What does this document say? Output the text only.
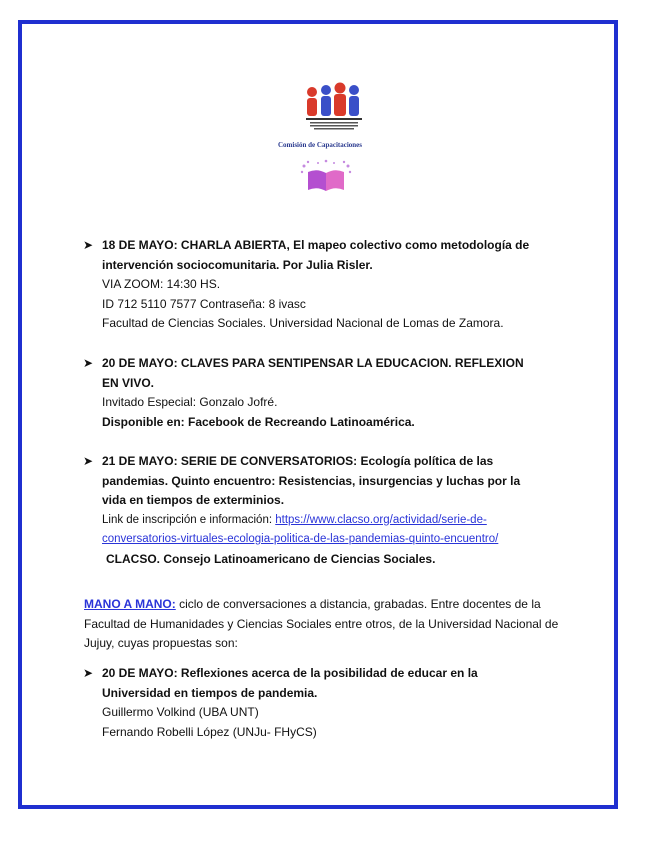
Comisión de Capacitaciones
➤ 18 DE MAYO: CHARLA ABIERTA, El mapeo colectivo como metodología de intervención sociocomunitaria. Por Julia Risler.
VIA ZOOM: 14:30 HS.
ID 712 5110 7577 Contraseña: 8 ivasc
Facultad de Ciencias Sociales. Universidad Nacional de Lomas de Zamora.
➤ 20 DE MAYO: CLAVES PARA SENTIPENSAR LA EDUCACION. REFLEXION EN VIVO.
Invitado Especial: Gonzalo Jofré.
Disponible en: Facebook de Recreando Latinoamérica.
➤ 21 DE MAYO: SERIE DE CONVERSATORIOS: Ecología política de las pandemias. Quinto encuentro: Resistencias, insurgencias y luchas por la vida en tiempos de exterminios.
Link de inscripción e información: https://www.clacso.org/actividad/serie-de-
conversatorios-virtuales-ecologia-politica-de-las-pandemias-quinto-encuentro/
CLACSO. Consejo Latinoamericano de Ciencias Sociales.
MANO A MANO: ciclo de conversaciones a distancia, grabadas. Entre docentes de la Facultad de Humanidades y Ciencias Sociales entre otros, de la Universidad Nacional de Jujuy, cuyas propuestas son:
➤ 20 DE MAYO: Reflexiones acerca de la posibilidad de educar en la Universidad en tiempos de pandemia.
Guillermo Volkind (UBA UNT)
Fernando Robelli López (UNJu- FHyCS)
